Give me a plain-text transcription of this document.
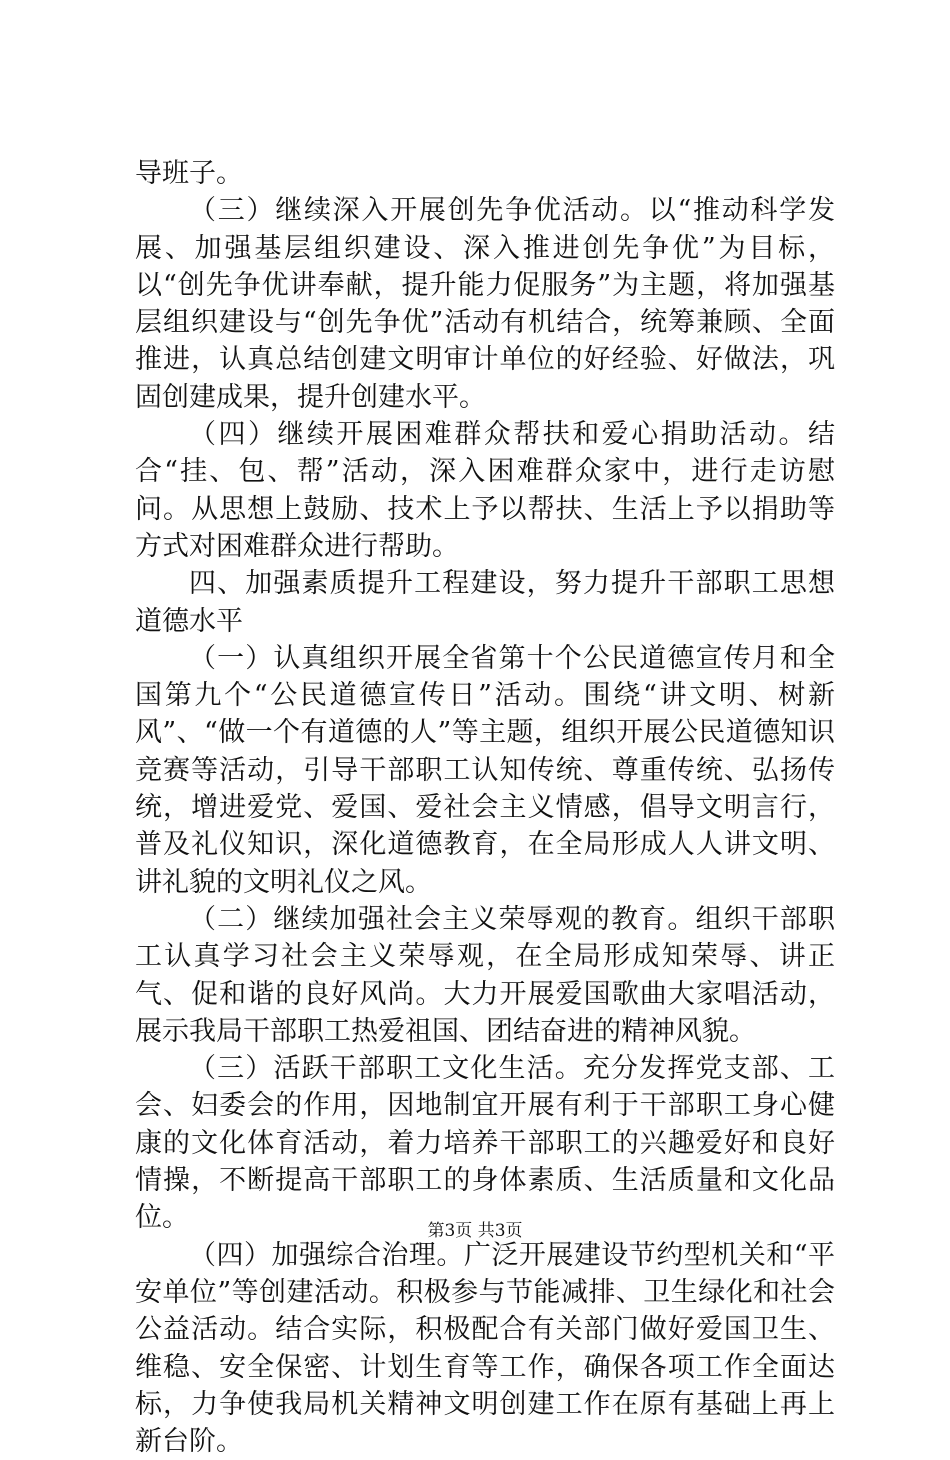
导班子。

（三）继续深入开展创先争优活动。以“推动科学发展、加强基层组织建设、深入推进创先争优”为目标，以“创先争优讲奉献，提升能力促服务”为主题，将加强基层组织建设与“创先争优”活动有机结合，统筹兼顾、全面推进，认真总结创建文明审计单位的好经验、好做法，巩固创建成果，提升创建水平。

（四）继续开展困难群众帮扶和爱心捐助活动。结合“挂、包、帮”活动，深入困难群众家中，进行走访慰问。从思想上鼓励、技术上予以帮扶、生活上予以捐助等方式对困难群众进行帮助。

四、加强素质提升工程建设，努力提升干部职工思想道德水平

（一）认真组织开展全省第十个公民道德宣传月和全国第九个“公民道德宣传日”活动。围绕“讲文明、树新风”、“做一个有道德的人”等主题，组织开展公民道德知识竞赛等活动，引导干部职工认知传统、尊重传统、弘扬传统，增进爱党、爱国、爱社会主义情感，倡导文明言行，普及礼仪知识，深化道德教育，在全局形成人人讲文明、讲礼貌的文明礼仪之风。

（二）继续加强社会主义荣辱观的教育。组织干部职工认真学习社会主义荣辱观，在全局形成知荣辱、讲正气、促和谐的良好风尚。大力开展爱国歌曲大家唱活动，展示我局干部职工热爱祖国、团结奋进的精神风貌。

（三）活跃干部职工文化生活。充分发挥党支部、工会、妇委会的作用，因地制宜开展有利于干部职工身心健康的文化体育活动，着力培养干部职工的兴趣爱好和良好情操，不断提高干部职工的身体素质、生活质量和文化品位。

（四）加强综合治理。广泛开展建设节约型机关和“平安单位”等创建活动。积极参与节能减排、卫生绿化和社会公益活动。结合实际，积极配合有关部门做好爱国卫生、维稳、安全保密、计划生育等工作，确保各项工作全面达标，力争使我局机关精神文明创建工作在原有基础上再上新台阶。

第3页 共3页
